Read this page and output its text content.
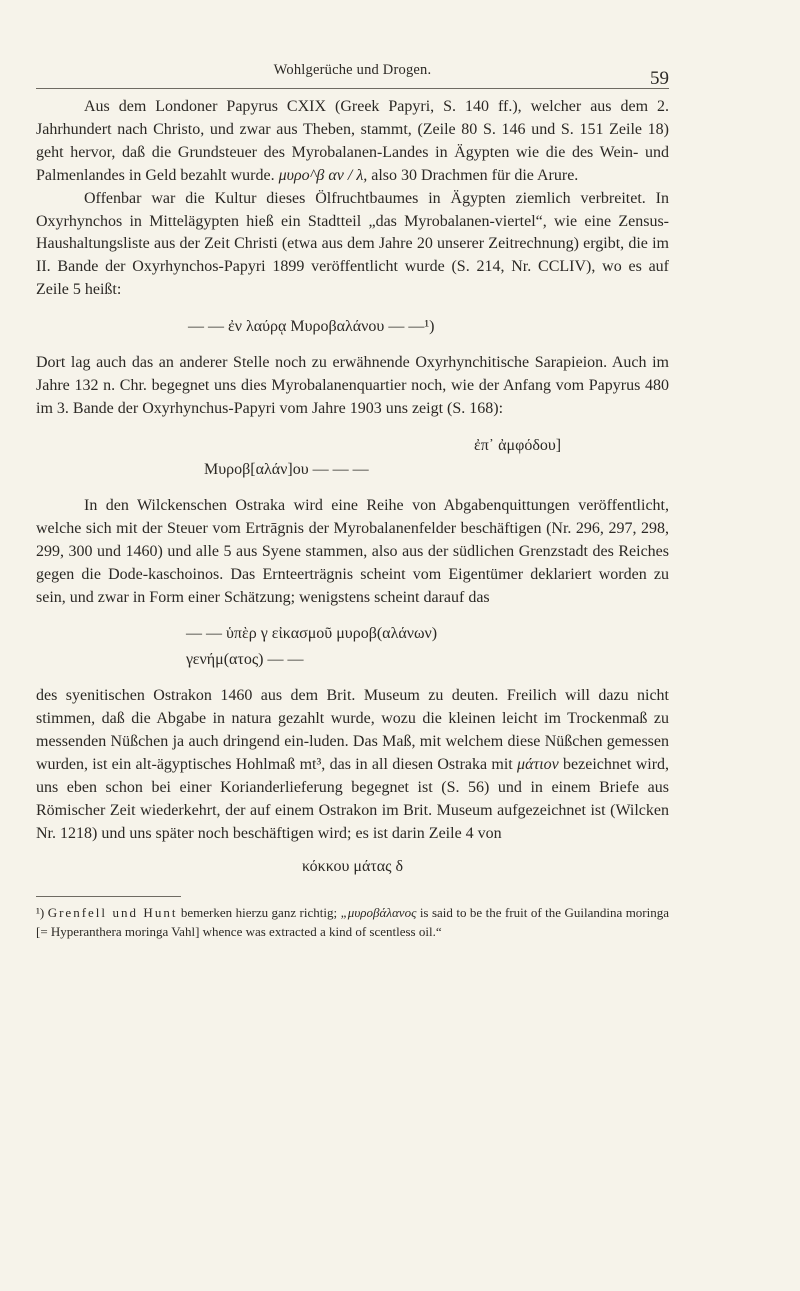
Wohlgerüche und Drogen.	59

Aus dem Londoner Papyrus CXIX (Greek Papyri, S. 140 ff.), welcher aus dem 2. Jahrhundert nach Christo, und zwar aus Theben, stammt, (Zeile 80 S. 146 und S. 151 Zeile 18) geht hervor, daß die Grundsteuer des Myrobalanen-Landes in Ägypten wie die des Wein- und Palmenlandes in Geld bezahlt wurde. μυρο^β αν / λ, also 30 Drachmen für die Arure.

Offenbar war die Kultur dieses Ölfruchtbaumes in Ägypten ziemlich verbreitet. In Oxyrhynchos in Mittelägypten hieß ein Stadtteil „das Myrobalanen-viertel“, wie eine Zensus-Haushaltungsliste aus der Zeit Christi (etwa aus dem Jahre 20 unserer Zeitrechnung) ergibt, die im II. Bande der Oxyrhynchos-Papyri 1899 veröffentlicht wurde (S. 214, Nr. CCLIV), wo es auf Zeile 5 heißt:

— — ἐν λαύρᾳ Μυροβαλάνου — —¹)

Dort lag auch das an anderer Stelle noch zu erwähnende Oxyrhynchitische Sarapieion. Auch im Jahre 132 n. Chr. begegnet uns dies Myrobalanenquartier noch, wie der Anfang vom Papyrus 480 im 3. Bande der Oxyrhynchus-Papyri vom Jahre 1903 uns zeigt (S. 168):

ἐπ᾽ ἀμφόδου]
Μυροβ[αλάν]ου — — —

In den Wilckenschen Ostraka wird eine Reihe von Abgabenquittungen veröffentlicht, welche sich mit der Steuer vom Ertrāgnis der Myrobalanenfelder beschäftigen (Nr. 296, 297, 298, 299, 300 und 1460) und alle 5 aus Syene stammen, also aus der südlichen Grenzstadt des Reiches gegen die Dode-kaschoinos. Das Ernteerträgnis scheint vom Eigentümer deklariert worden zu sein, und zwar in Form einer Schätzung; wenigstens scheint darauf das

— — ὑπὲρ γ εἰκασμοῦ μυροβ(αλάνων)
γενήμ(ατος) — —

des syenitischen Ostrakon 1460 aus dem Brit. Museum zu deuten. Freilich will dazu nicht stimmen, daß die Abgabe in natura gezahlt wurde, wozu die kleinen leicht im Trockenmaß zu messenden Nüßchen ja auch dringend ein-luden. Das Maß, mit welchem diese Nüßchen gemessen wurden, ist ein alt-ägyptisches Hohlmaß mt³, das in all diesen Ostraka mit μάτιον bezeichnet wird, uns eben schon bei einer Korianderlieferung begegnet ist (S. 56) und in einem Briefe aus Römischer Zeit wiederkehrt, der auf einem Ostrakon im Brit. Museum aufgezeichnet ist (Wilcken Nr. 1218) und uns später noch beschäftigen wird; es ist darin Zeile 4 von

κόκκου μάτας δ

¹) Grenfell und Hunt bemerken hierzu ganz richtig; „μυροβάλανος is said to be the fruit of the Guilandina moringa [= Hyperanthera moringa Vahl] whence was extracted a kind of scentless oil.“
